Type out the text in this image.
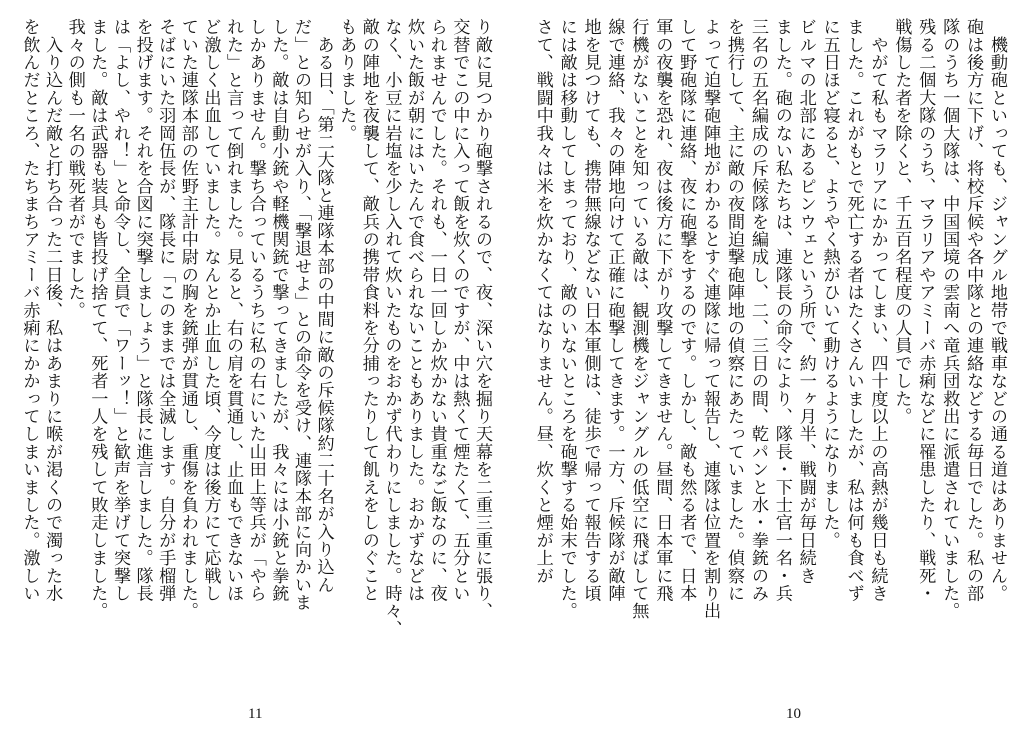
り敵に見つかり砲撃されるので、夜、深い穴を掘り天幕を二重三重に張り、
交替でこの中に入って飯を炊くのですが、中は熱くて煙たくて、五分とい
られませんでした。それも、一日一回しか炊かない貴重なご飯なのに、夜
炊いた飯が朝にはいたんで食べられないこともありました。おかずなどは
なく、小豆に岩塩を少し入れて炊いたものをおかず代わりにしました。時々、
敵の陣地を夜襲して、敵兵の携帯食料を分捕ったりして飢えをしのぐこと
もありました。
　ある日、「第二大隊と連隊本部の中間に敵の斥候隊約二十名が入り込ん
だ」との知らせが入り、「撃退せよ」との命令を受け、連隊本部に向かいま
した。敵は自動小銃や軽機関銃で撃ってきましたが、我々には小銃と拳銃
しかありません。撃ち合っているうちに私の右にいた山田上等兵が「やら
れた」と言って倒れました。見ると、右の肩を貫通し、止血もできないほ
ど激しく出血していました。なんとか止血した頃、今度は後方にて応戦し
ていた連隊本部の佐野主計中尉の胸を銃弾が貫通し、重傷を負われました。
そばにいた羽岡伍長が、隊長に「このままでは全滅します。自分が手榴弾
を投げます。それを合図に突撃しましょう」と隊長に進言しました。隊長
は「よし、やれ！」と命令し、全員で「ワーッ！」と歓声を挙げて突撃し
ました。敵は武器も装具も皆投げ捨てて、死者一人を残して敗走しました。
我々の側も一名の戦死者がでました。
　入り込んだ敵と打ち合った二日後、私はあまりに喉が渇くので濁った水
を飲んだところ、たちまちアミーバ赤痢にかかってしまいました。激しい	　機動砲といっても、ジャングル地帯で戦車などの通る道はありません。
砲は後方に下げ、将校斥候や各中隊との連絡などする毎日でした。私の部
隊のうち一個大隊は、中国国境の雲南へ竜兵団救出に派遣されていました。
残る二個大隊のうち、マラリアやアミーバ赤痢などに罹患したり、戦死・
戦傷した者を除くと、千五百名程度の人員でした。
　やがて私もマラリアにかかってしまい、四十度以上の高熱が幾日も続き
ました。これがもとで死亡する者はたくさんいましたが、私は何も食べず
に五日ほど寝ると、ようやく熱がひいて動けるようになりました。
ビルマの北部にあるピンウェという所で、約一ヶ月半、戦闘が毎日続き
ました。砲のない私たちは、連隊長の命令により、隊長・下士官一名・兵
三名の五名編成の斥候隊を編成し、二、三日の間、乾パンと水・拳銃のみ
を携行して、主に敵の夜間迫撃砲陣地の偵察にあたっていました。偵察に
よって迫撃砲陣地がわかるとすぐ連隊に帰って報告し、連隊は位置を割り出
して野砲隊に連絡、夜に砲撃をするのです。しかし、敵も然る者で、日本
軍の夜襲を恐れ、夜は後方に下がり攻撃してきません。昼間、日本軍に飛
行機がないことを知っている敵は、観測機をジャングルの低空に飛ばして無
線で連絡、我々の陣地向けて正確に砲撃してきます。一方、斥候隊が敵陣
地を見つけても、携帯無線などない日本軍側は、徒歩で帰って報告する頃
には敵は移動してしまっており、敵のいないところを砲撃する始末でした。
さて、戦闘中我々は米を炊かなくてはなりません。昼、炊くと煙が上が
11	10
